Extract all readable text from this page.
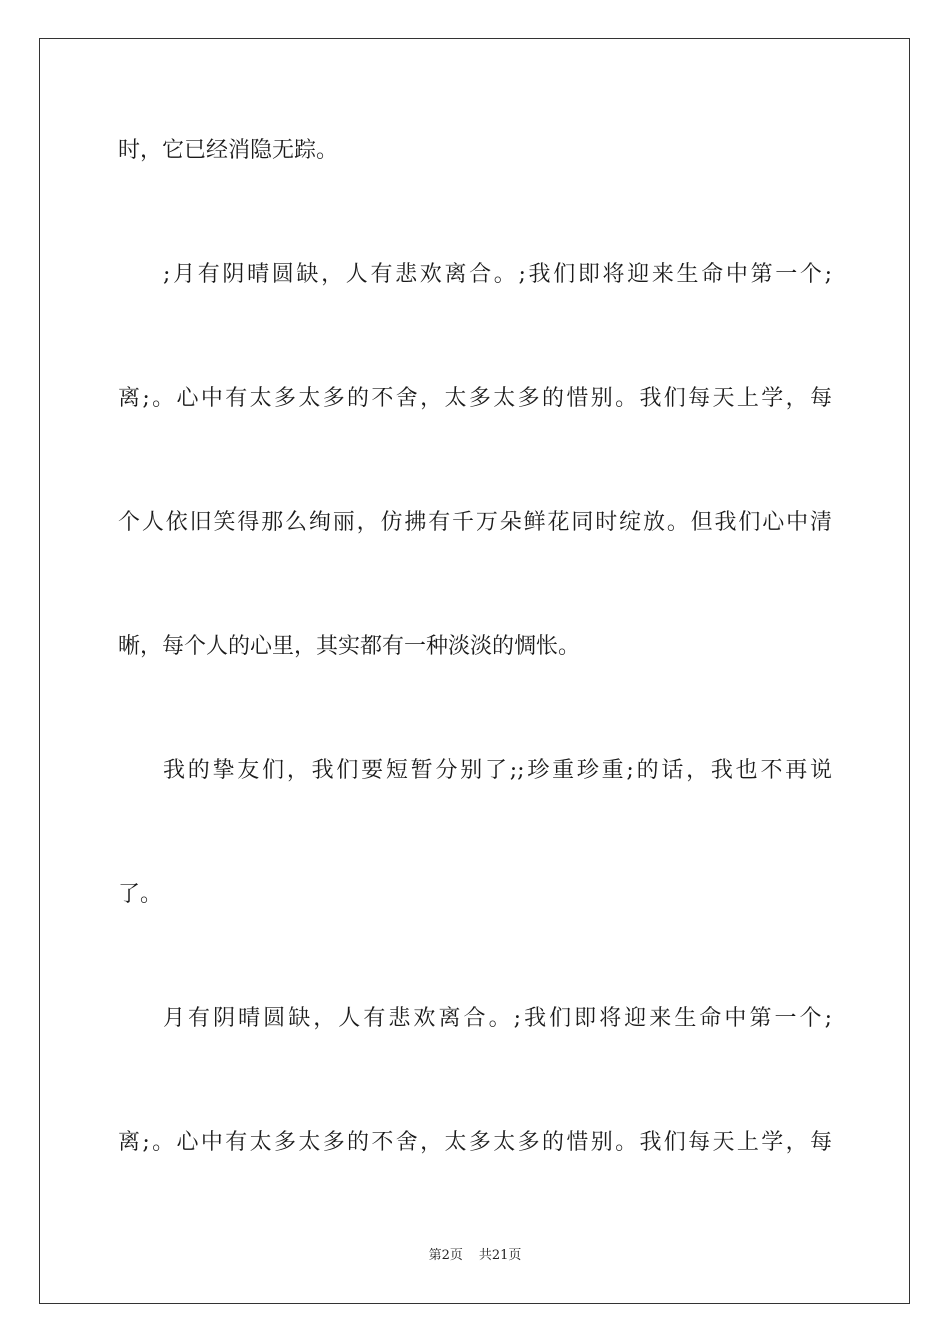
时，它已经消隐无踪。
;月有阴晴圆缺，人有悲欢离合。;我们即将迎来生命中第一个;
离;。心中有太多太多的不舍，太多太多的惜别。我们每天上学，每
个人依旧笑得那么绚丽，仿拂有千万朵鲜花同时绽放。但我们心中清
晰，每个人的心里，其实都有一种淡淡的惆怅。
我的挚友们，我们要短暂分别了;;珍重珍重;的话，我也不再说
了。
月有阴晴圆缺，人有悲欢离合。;我们即将迎来生命中第一个;
离;。心中有太多太多的不舍，太多太多的惜别。我们每天上学，每
第2页 共21页
